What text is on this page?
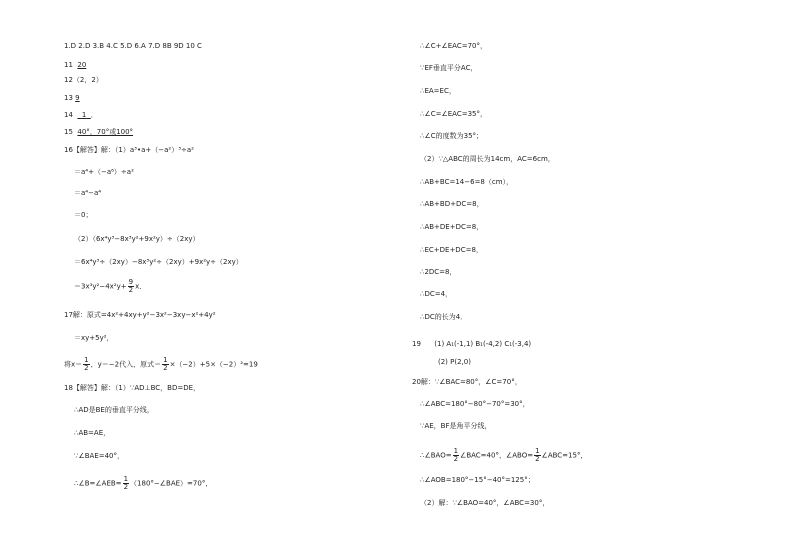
1.D 2.D 3.B 4.C 5.D 6.A 7.D 8B 9D 10 C
11 20
12（2，2）
13 9
14 1 ．
15 40°，70°或100°
16【解答】解：（1）a³•a+（−a²）³÷a²
＝a⁴+（−a⁶）÷a²
＝a⁴−a⁴
＝0；
（2）（6x⁴y³−8x³y²+9x²y）÷（2xy）
＝6x⁴y³÷（2xy）−8x³y²÷（2xy）+9x²y÷（2xy）
$=3x^3y^2-4x^2y+ \frac{9}{2}$ x．
17解：原式=4x²+4xy+y²−3x²−3xy−x²+4y²
＝xy+5y²，
将$x= \frac{1}{2}$ ，y＝−2代入，原式＝ $\frac{1}{2} \times(-2)+5\times(-2)^2=19$
18【解答】解：（1）∵AD⊥BC，BD=DE，
∴AD是BE的垂直平分线，
∴AB=AE，
∵∠BAE=40°，
∴∠B=∠AEB= $\frac{1}{2}$ （180°−∠BAE）=70°，
∴∠C+∠EAC=70°，
∵EF垂直平分AC，
∴EA=EC，
∴∠C=∠EAC=35°，
∴∠C的度数为35°；
（2）∵△ABC的周长为14cm，AC=6cm，
∴AB+BC=14−6=8（cm），
∴AB+BD+DC=8，
∴AB+DE+DC=8，
∴EC+DE+DC=8，
∴2DC=8，
∴DC=4，
∴DC的长为4．
19 (1) A₁(-1,1) B₁(-4,2) C₁(-3,4)
(2) P(2,0)
20解：∵∠BAC=80°，∠C=70°，
∴∠ABC=180°−80°−70°=30°，
∵AE，BF是角平分线，
∴∠BAO= $\frac{1}{2}$ ∠BAC=40°，∠ABO= $\frac{1}{2}$ ∠ABC=15°，
∴∠AOB=180°−15°−40°=125°；
（2）解：∵∠BAO=40°，∠ABC=30°，
